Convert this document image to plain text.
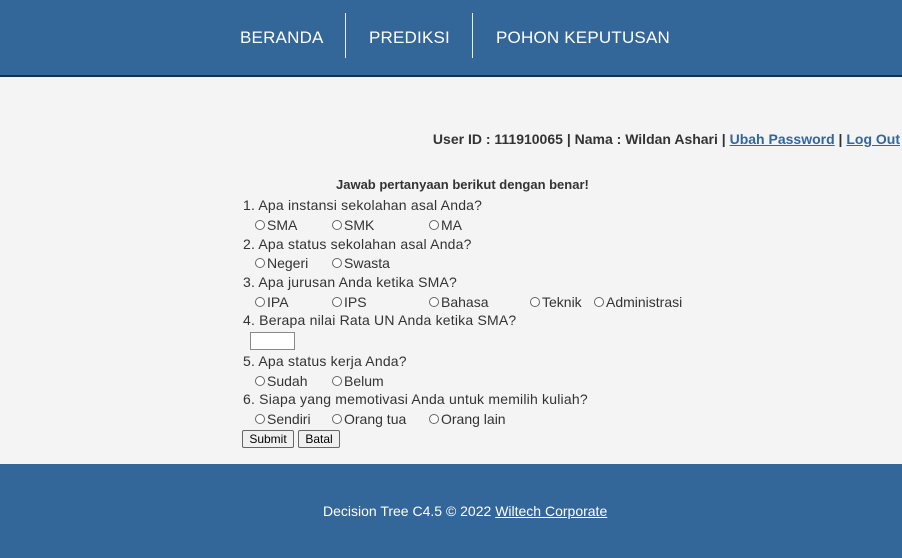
BERANDA	PREDIKSI	POHON KEPUTUSAN
User ID : 111910065 | Nama : Wildan Ashari | Ubah Password | Log Out
Jawab pertanyaan berikut dengan benar!
1. Apa instansi sekolahan asal Anda?
SMA	SMK	MA
2. Apa status sekolahan asal Anda?
Negeri	Swasta
3. Apa jurusan Anda ketika SMA?
IPA	IPS	Bahasa	Teknik Administrasi
4. Berapa nilai Rata UN Anda ketika SMA?
5. Apa status kerja Anda?
Sudah	Belum
6. Siapa yang memotivasi Anda untuk memilih kuliah?
Sendiri Orang tua Orang lain
Submit	Batal
Decision Tree C4.5 © 2022 Wiltech Corporate
